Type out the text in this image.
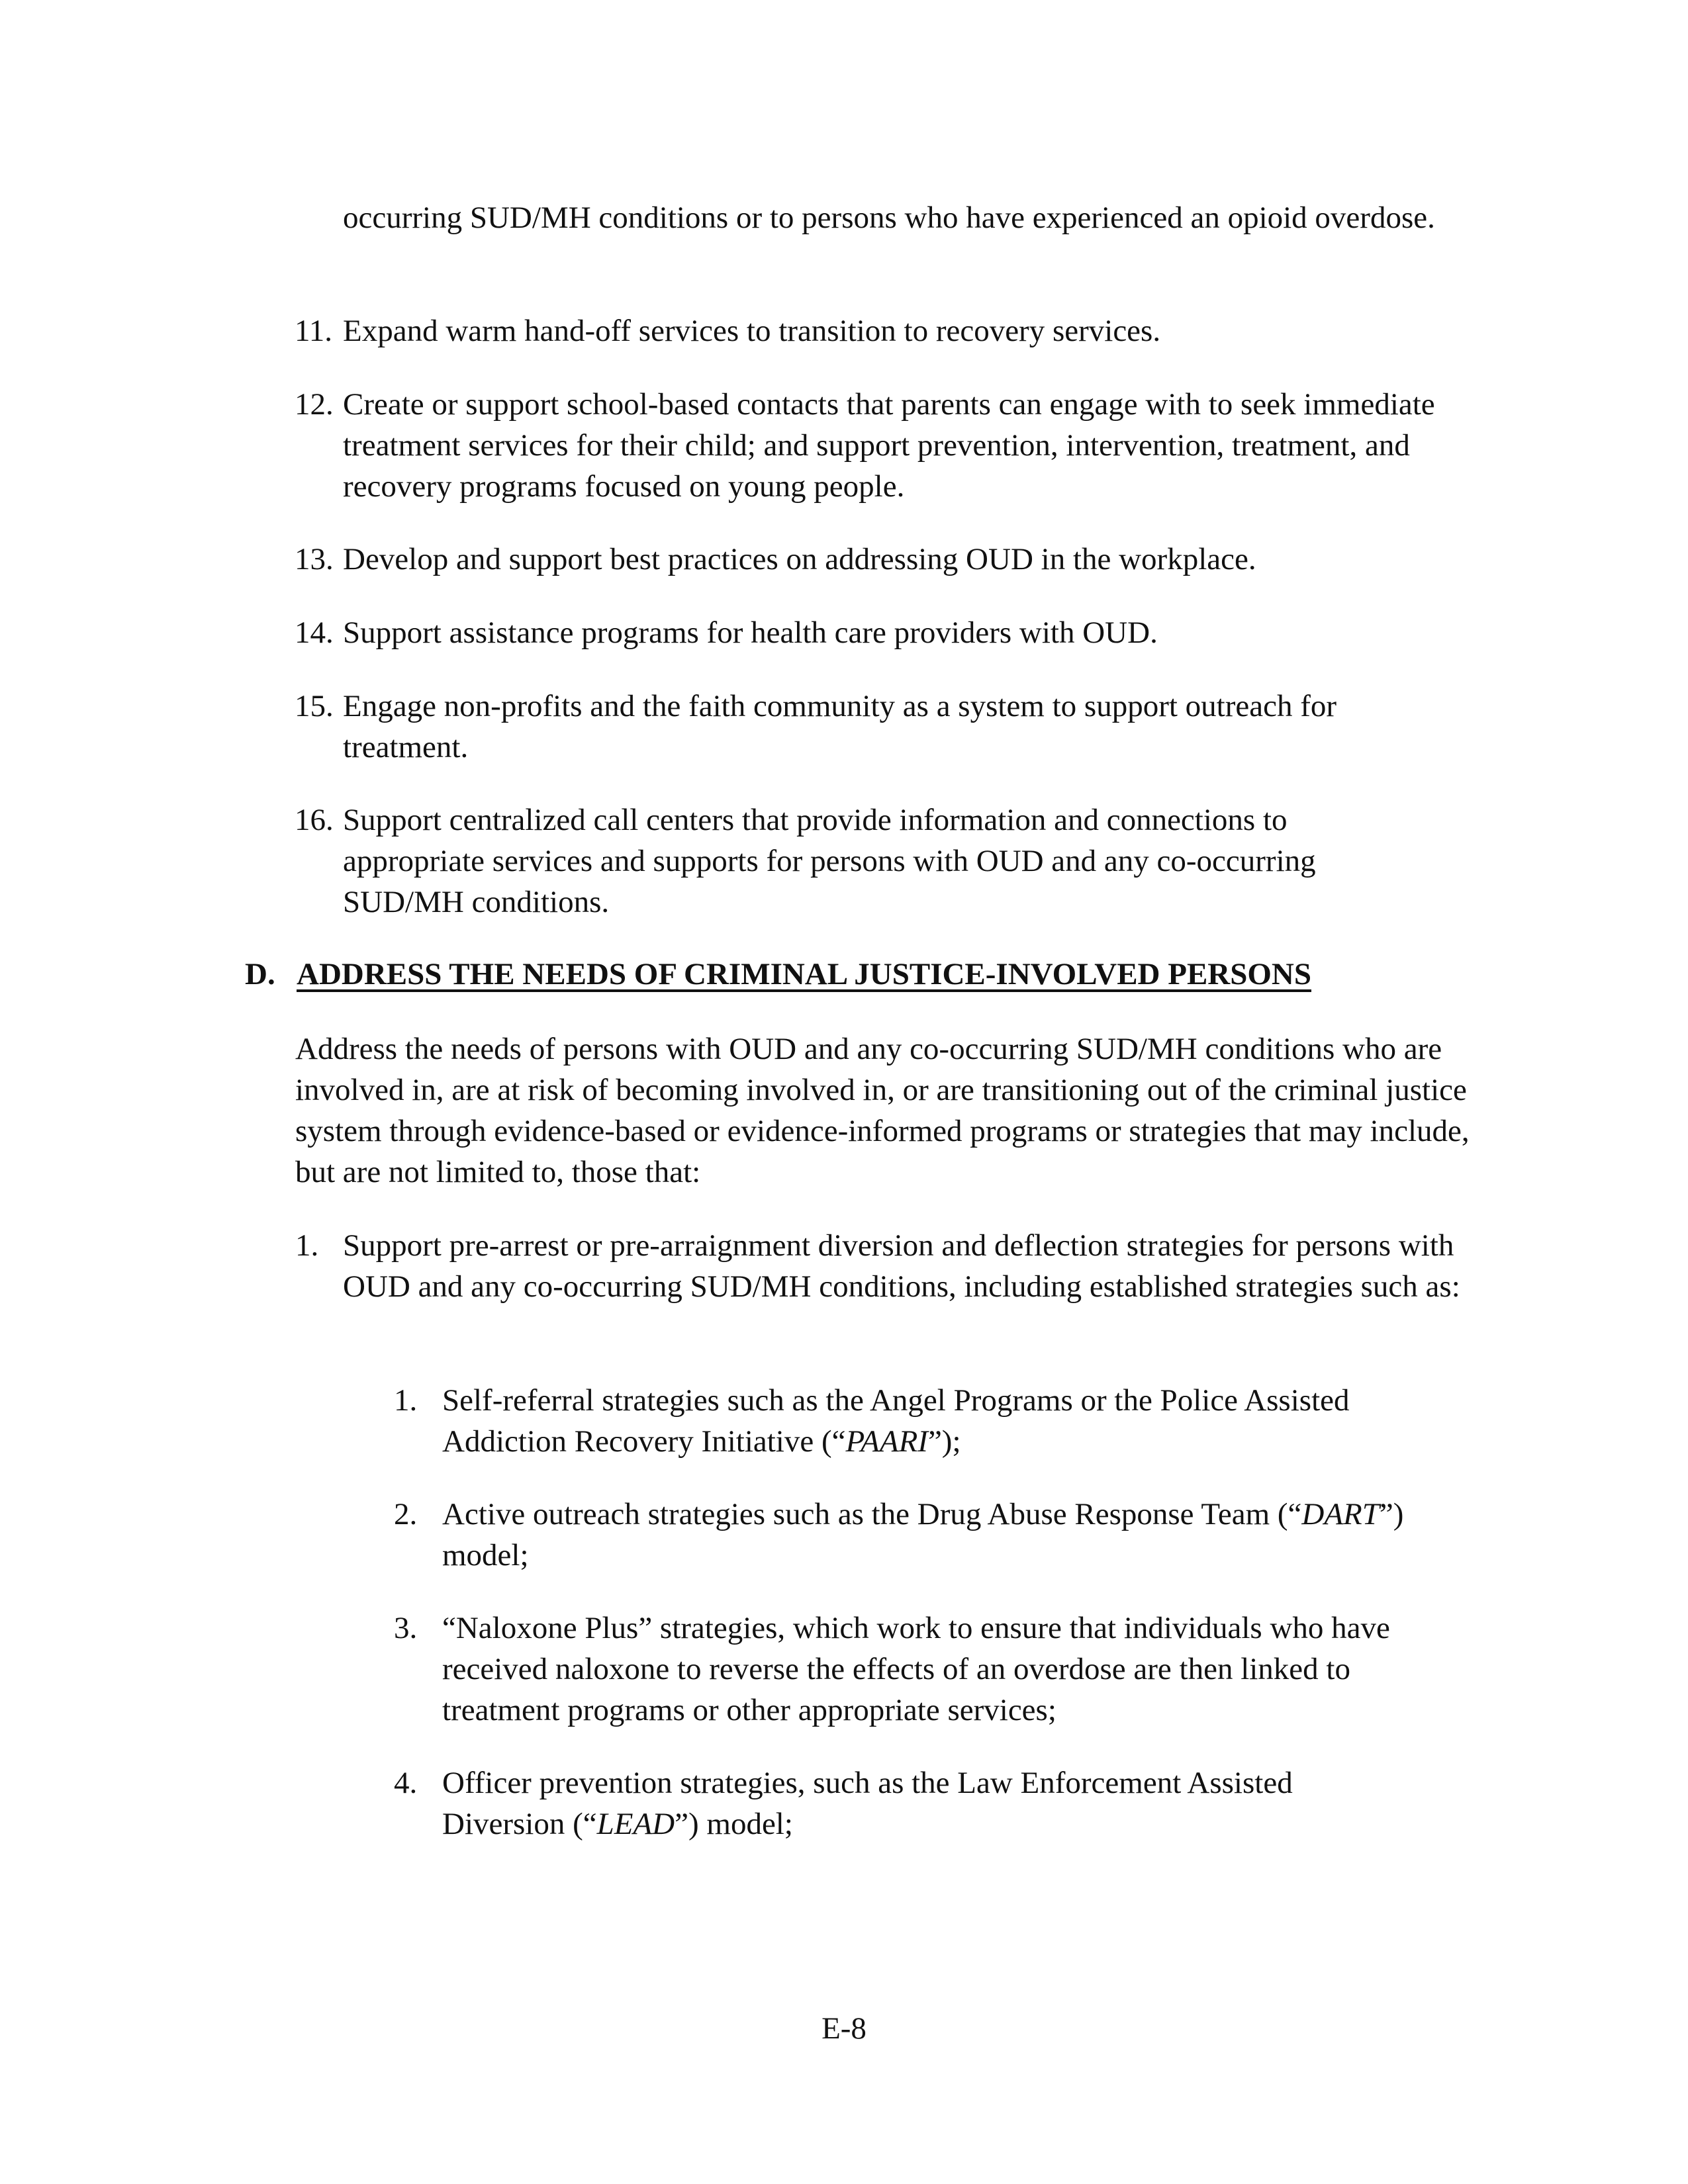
occurring SUD/MH conditions or to persons who have experienced an opioid overdose.
11. Expand warm hand-off services to transition to recovery services.
12. Create or support school-based contacts that parents can engage with to seek immediate treatment services for their child; and support prevention, intervention, treatment, and recovery programs focused on young people.
13. Develop and support best practices on addressing OUD in the workplace.
14. Support assistance programs for health care providers with OUD.
15. Engage non-profits and the faith community as a system to support outreach for treatment.
16. Support centralized call centers that provide information and connections to appropriate services and supports for persons with OUD and any co-occurring SUD/MH conditions.
D. ADDRESS THE NEEDS OF CRIMINAL JUSTICE-INVOLVED PERSONS
Address the needs of persons with OUD and any co-occurring SUD/MH conditions who are involved in, are at risk of becoming involved in, or are transitioning out of the criminal justice system through evidence-based or evidence-informed programs or strategies that may include, but are not limited to, those that:
1. Support pre-arrest or pre-arraignment diversion and deflection strategies for persons with OUD and any co-occurring SUD/MH conditions, including established strategies such as:
1. Self-referral strategies such as the Angel Programs or the Police Assisted Addiction Recovery Initiative (“PAARI”);
2. Active outreach strategies such as the Drug Abuse Response Team (“DART”) model;
3. “Naloxone Plus” strategies, which work to ensure that individuals who have received naloxone to reverse the effects of an overdose are then linked to treatment programs or other appropriate services;
4. Officer prevention strategies, such as the Law Enforcement Assisted Diversion (“LEAD”) model;
E-8
